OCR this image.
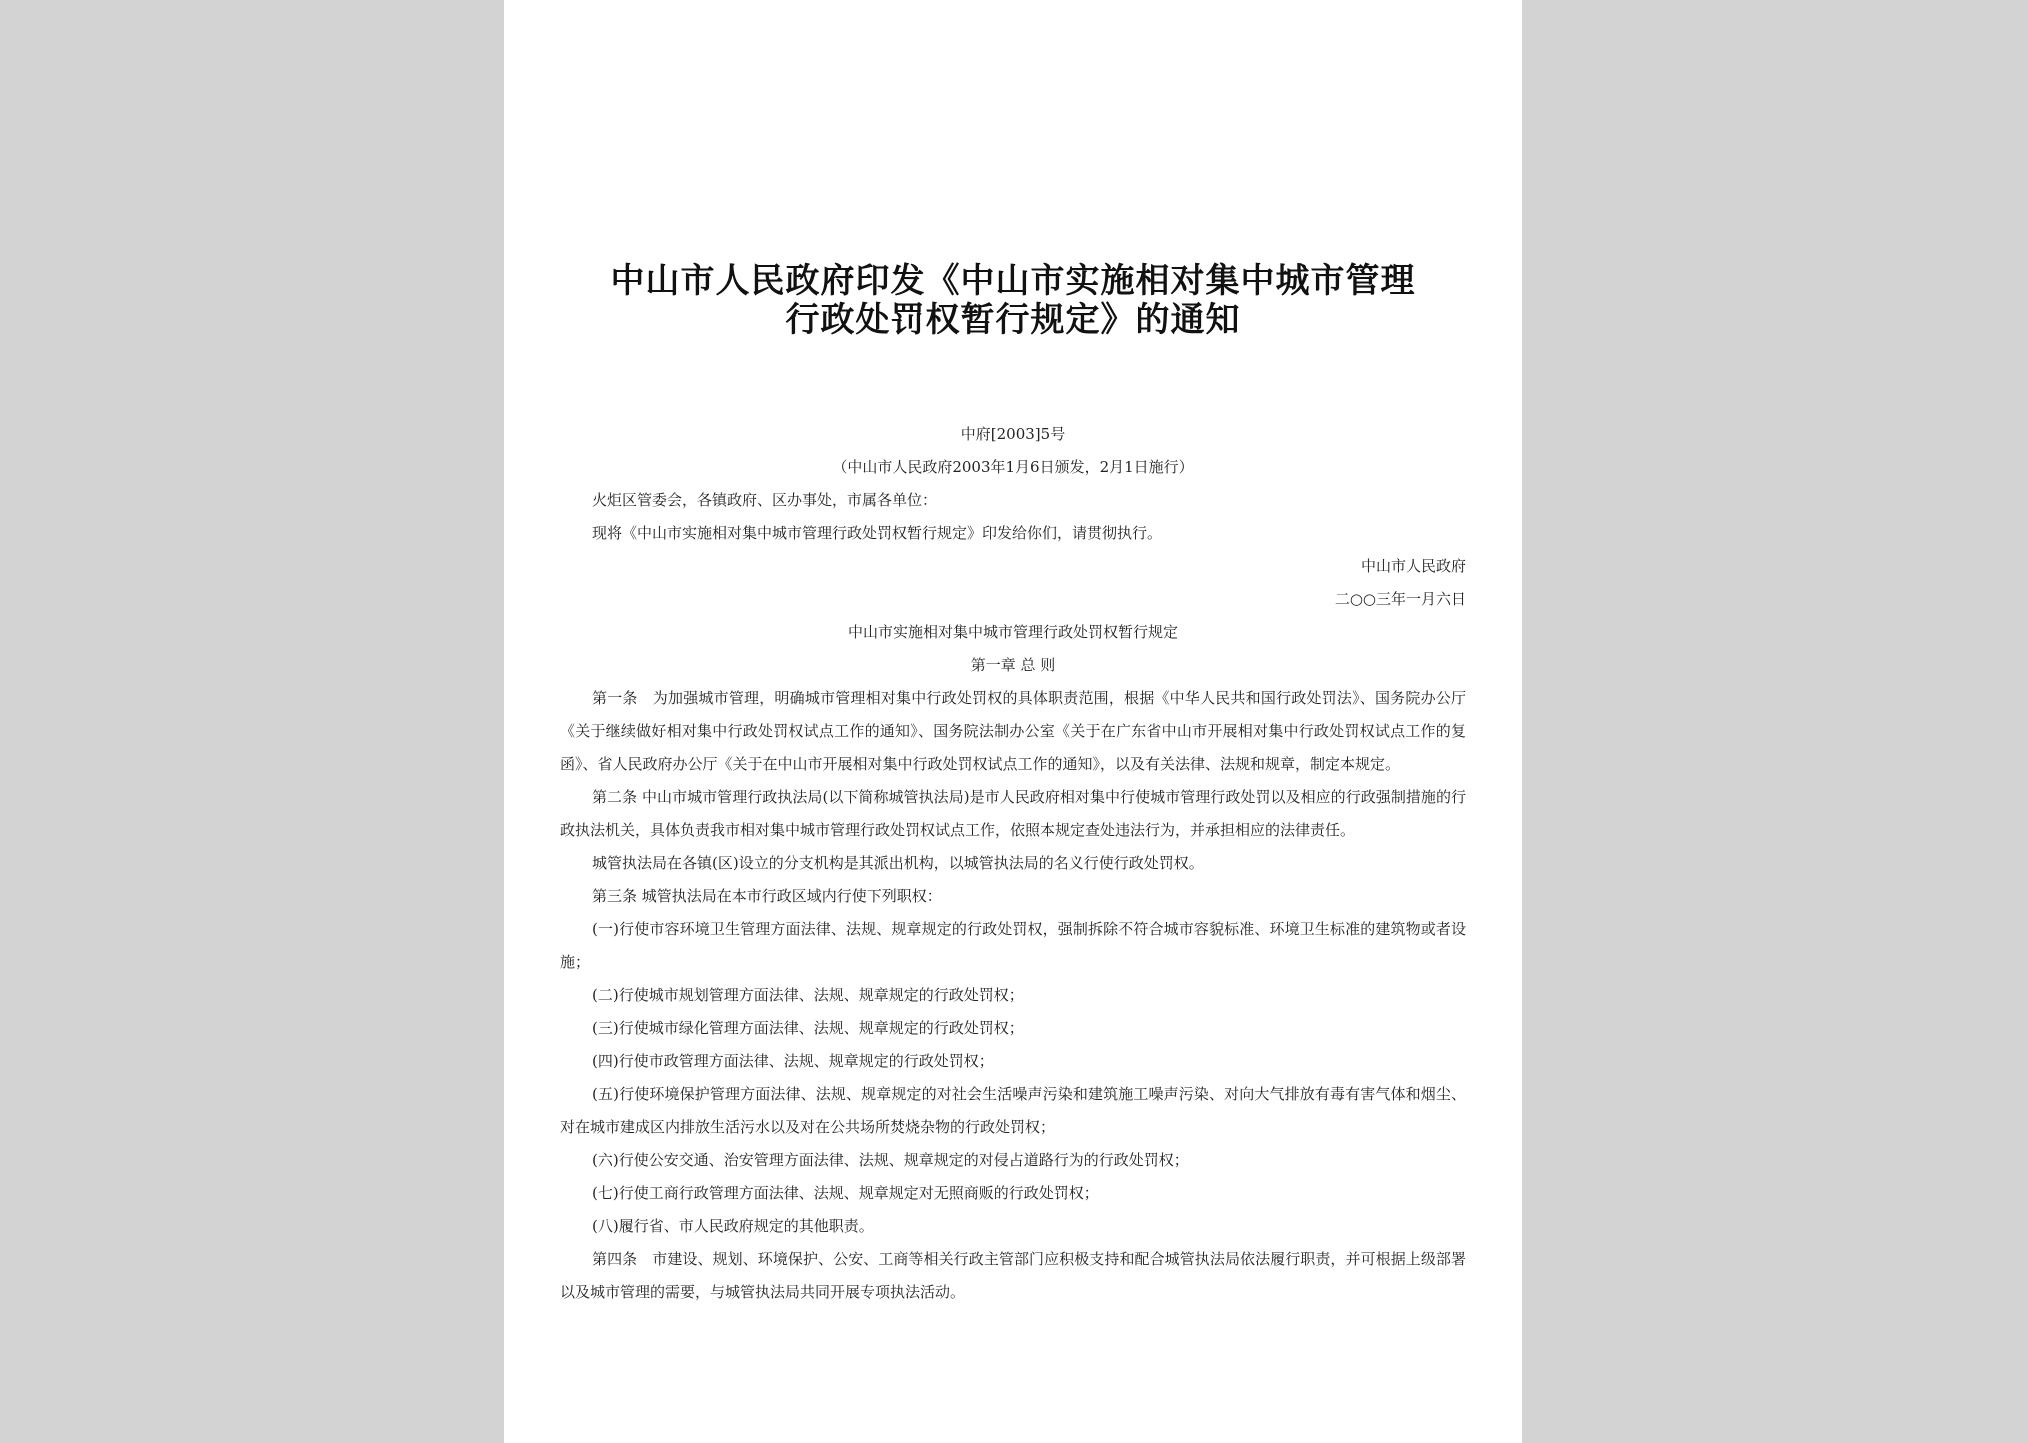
中山市人民政府印发《中山市实施相对集中城市管理
行政处罚权暂行规定》的通知
中府[2003]5号
（中山市人民政府2003年1月6日颁发，2月1日施行）
火炬区管委会，各镇政府、区办事处，市属各单位：
现将《中山市实施相对集中城市管理行政处罚权暂行规定》印发给你们，请贯彻执行。
中山市人民政府
二○○三年一月六日
中山市实施相对集中城市管理行政处罚权暂行规定
第一章 总 则
第一条　为加强城市管理，明确城市管理相对集中行政处罚权的具体职责范围，根据《中华人民共和国行政处罚法》、国务院办公厅《关于继续做好相对集中行政处罚权试点工作的通知》、国务院法制办公室《关于在广东省中山市开展相对集中行政处罚权试点工作的复函》、省人民政府办公厅《关于在中山市开展相对集中行政处罚权试点工作的通知》，以及有关法律、法规和规章，制定本规定。
第二条 中山市城市管理行政执法局(以下简称城管执法局)是市人民政府相对集中行使城市管理行政处罚以及相应的行政强制措施的行政执法机关，具体负责我市相对集中城市管理行政处罚权试点工作，依照本规定查处违法行为，并承担相应的法律责任。
城管执法局在各镇(区)设立的分支机构是其派出机构，以城管执法局的名义行使行政处罚权。
第三条 城管执法局在本市行政区域内行使下列职权：
(一)行使市容环境卫生管理方面法律、法规、规章规定的行政处罚权，强制拆除不符合城市容貌标准、环境卫生标准的建筑物或者设施；
(二)行使城市规划管理方面法律、法规、规章规定的行政处罚权；
(三)行使城市绿化管理方面法律、法规、规章规定的行政处罚权；
(四)行使市政管理方面法律、法规、规章规定的行政处罚权；
(五)行使环境保护管理方面法律、法规、规章规定的对社会生活噪声污染和建筑施工噪声污染、对向大气排放有毒有害气体和烟尘、对在城市建成区内排放生活污水以及对在公共场所焚烧杂物的行政处罚权；
(六)行使公安交通、治安管理方面法律、法规、规章规定的对侵占道路行为的行政处罚权；
(七)行使工商行政管理方面法律、法规、规章规定对无照商贩的行政处罚权；
(八)履行省、市人民政府规定的其他职责。
第四条　市建设、规划、环境保护、公安、工商等相关行政主管部门应积极支持和配合城管执法局依法履行职责，并可根据上级部署以及城市管理的需要，与城管执法局共同开展专项执法活动。
